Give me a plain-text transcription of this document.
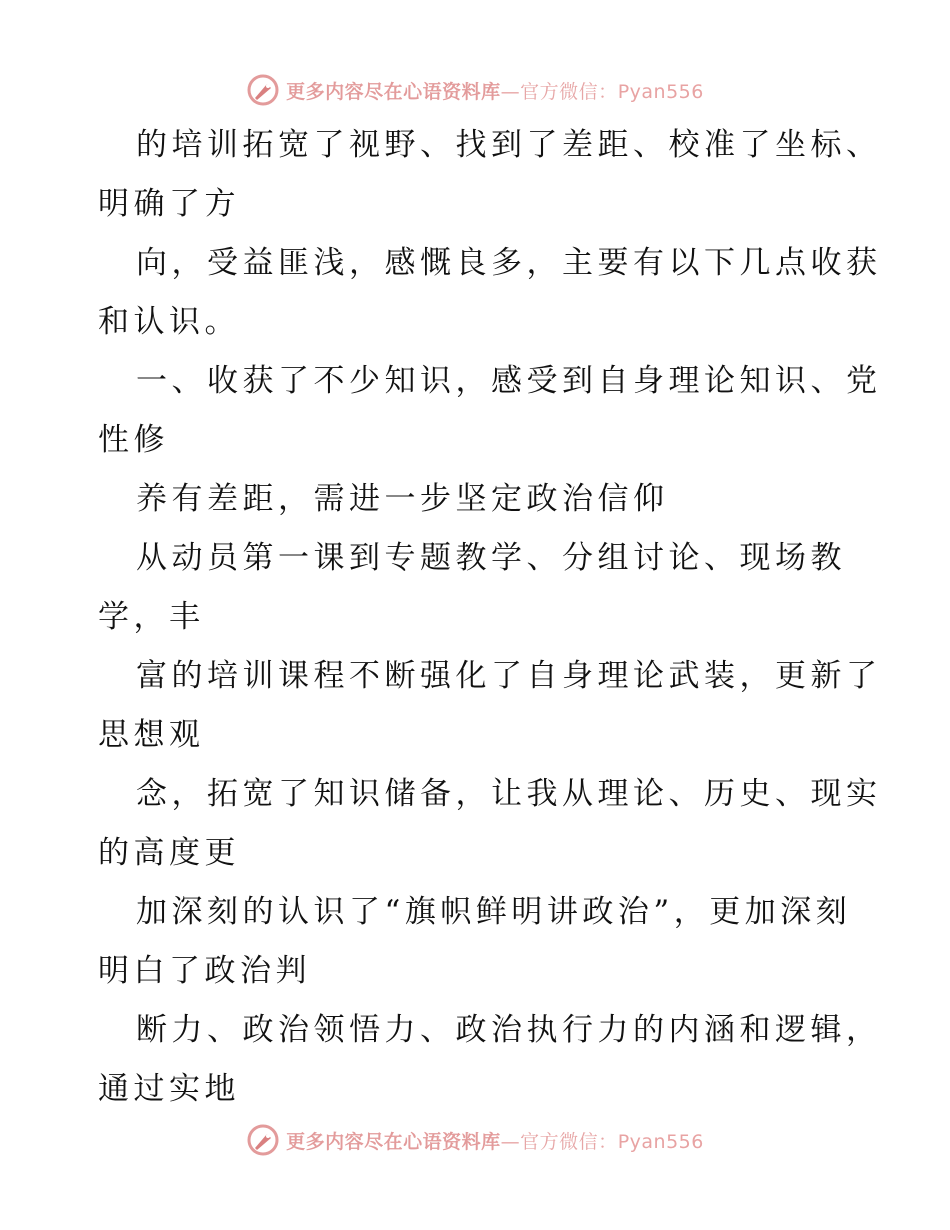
更多内容尽在心语资料库—官方微信：Pyan556
的培训拓宽了视野、找到了差距、校准了坐标、
明确了方
向，受益匪浅，感慨良多，主要有以下几点收获
和认识。
一、收获了不少知识，感受到自身理论知识、党
性修
养有差距，需进一步坚定政治信仰
从动员第一课到专题教学、分组讨论、现场教
学，丰
富的培训课程不断强化了自身理论武装，更新了
思想观
念，拓宽了知识储备，让我从理论、历史、现实
的高度更
加深刻的认识了“旗帜鲜明讲政治”，更加深刻
明白了政治判
断力、政治领悟力、政治执行力的内涵和逻辑，
通过实地
更多内容尽在心语资料库—官方微信：Pyan556
